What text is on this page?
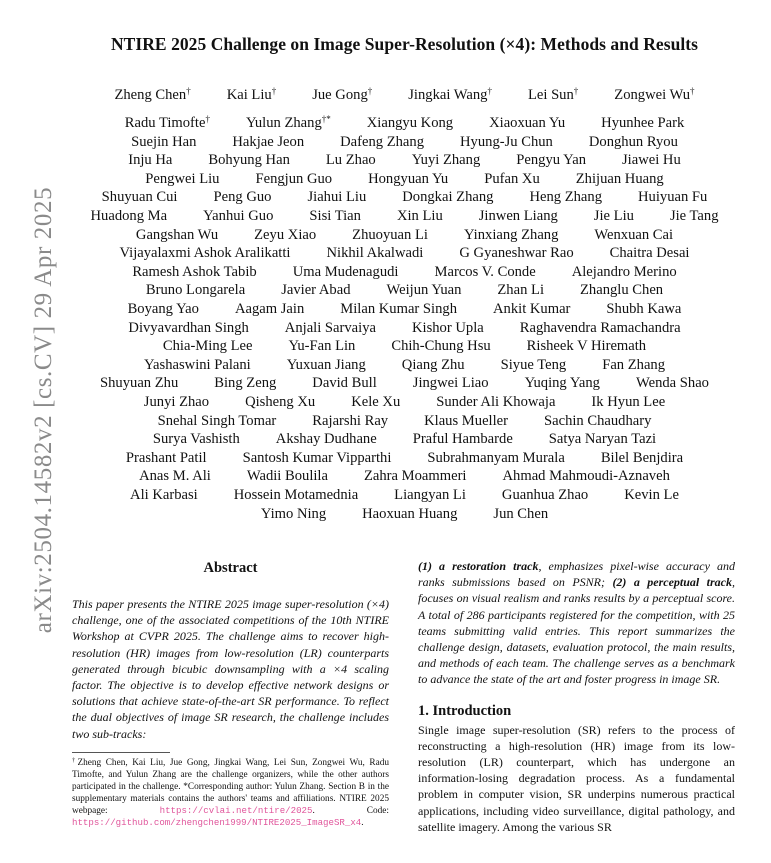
NTIRE 2025 Challenge on Image Super-Resolution (×4): Methods and Results
arXiv:2504.14582v2 [cs.CV] 29 Apr 2025
Zheng Chen† Kai Liu† Jue Gong† Jingkai Wang† Lei Sun† Zongwei Wu†
Radu Timofte† Yulun Zhang†* Xiangyu Kong Xiaoxuan Yu Hyunhee Park
Suejin Han Hakjae Jeon Dafeng Zhang Hyung-Ju Chun Donghun Ryou
Inju Ha Bohyung Han Lu Zhao Yuyi Zhang Pengyu Yan Jiawei Hu
Pengwei Liu Fengjun Guo Hongyuan Yu Pufan Xu Zhijuan Huang
Shuyuan Cui Peng Guo Jiahui Liu Dongkai Zhang Heng Zhang Huiyuan Fu
Huadong Ma Yanhui Guo Sisi Tian Xin Liu Jinwen Liang Jie Liu Jie Tang
Gangshan Wu Zeyu Xiao Zhuoyuan Li Yinxiang Zhang Wenxuan Cai
Vijayalaxmi Ashok Aralikatti Nikhil Akalwadi G Gyaneshwar Rao Chaitra Desai
Ramesh Ashok Tabib Uma Mudenagudi Marcos V. Conde Alejandro Merino
Bruno Longarela Javier Abad Weijun Yuan Zhan Li Zhanglu Chen
Boyang Yao Aagam Jain Milan Kumar Singh Ankit Kumar Shubh Kawa
Divyavardhan Singh Anjali Sarvaiya Kishor Upla Raghavendra Ramachandra
Chia-Ming Lee Yu-Fan Lin Chih-Chung Hsu Risheek V Hiremath
Yashaswini Palani Yuxuan Jiang Qiang Zhu Siyue Teng Fan Zhang
Shuyuan Zhu Bing Zeng David Bull Jingwei Liao Yuqing Yang Wenda Shao
Junyi Zhao Qisheng Xu Kele Xu Sunder Ali Khowaja Ik Hyun Lee
Snehal Singh Tomar Rajarshi Ray Klaus Mueller Sachin Chaudhary
Surya Vashisth Akshay Dudhane Praful Hambarde Satya Naryan Tazi
Prashant Patil Santosh Kumar Vipparthi Subrahmanyam Murala Bilel Benjdira
Anas M. Ali Wadii Boulila Zahra Moammeri Ahmad Mahmoudi-Aznaveh
Ali Karbasi Hossein Motamednia Liangyan Li Guanhua Zhao Kevin Le
Yimo Ning Haoxuan Huang Jun Chen
Abstract

This paper presents the NTIRE 2025 image super-resolution (×4) challenge, one of the associated competitions of the 10th NTIRE Workshop at CVPR 2025. The challenge aims to recover high-resolution (HR) images from low-resolution (LR) counterparts generated through bicubic downsampling with a ×4 scaling factor. The objective is to develop effective network designs or solutions that achieve state-of-the-art SR performance. To reflect the dual objectives of image SR research, the challenge includes two sub-tracks:

(1) a restoration track, emphasizes pixel-wise accuracy and ranks submissions based on PSNR; (2) a perceptual track, focuses on visual realism and ranks results by a perceptual score. A total of 286 participants registered for the competition, with 25 teams submitting valid entries. This report summarizes the challenge design, datasets, evaluation protocol, the main results, and methods of each team. The challenge serves as a benchmark to advance the state of the art and foster progress in image SR.

1. Introduction

Single image super-resolution (SR) refers to the process of reconstructing a high-resolution (HR) image from its low-resolution (LR) counterpart, which has undergone an information-losing degradation process. As a fundamental problem in computer vision, SR underpins numerous practical applications, including video surveillance, digital pathology, and satellite imagery. Among the various SR

†Zheng Chen, Kai Liu, Jue Gong, Jingkai Wang, Lei Sun, Zongwei Wu, Radu Timofte, and Yulun Zhang are the challenge organizers, while the other authors participated in the challenge. *Corresponding author: Yulun Zhang. Section B in the supplementary materials contains the authors' teams and affiliations. NTIRE 2025 webpage: https://cvlai.net/ntire/2025. Code: https://github.com/zhengchen1999/NTIRE2025_ImageSR_x4.
